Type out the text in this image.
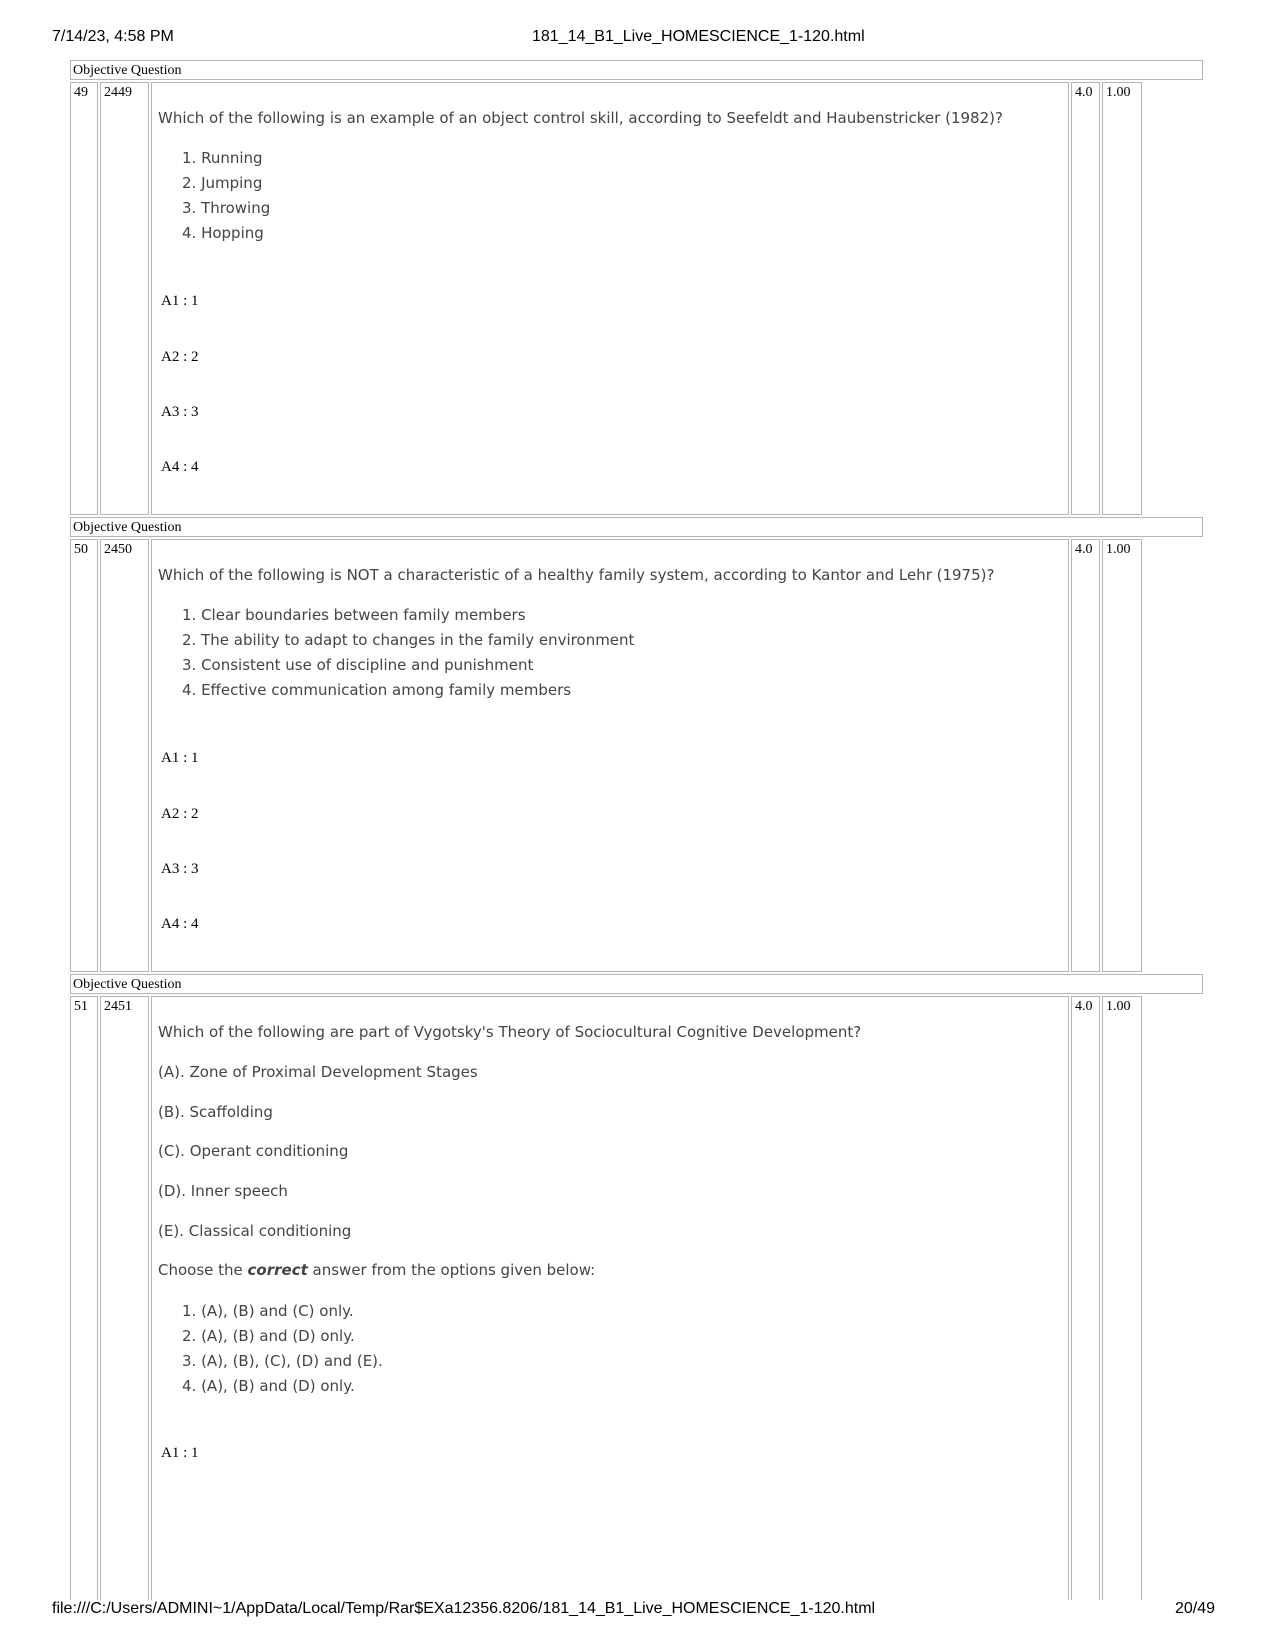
7/14/23, 4:58 PM	181_14_B1_Live_HOMESCIENCE_1-120.html
Objective Question
49	2449
Which of the following is an example of an object control skill, according to Seefeldt and Haubenstricker (1982)?
1. Running
2. Jumping
3. Throwing
4. Hopping
A1 : 1
A2 : 2
A3 : 3
A4 : 4
4.0 1.00
Objective Question
50	2450
Which of the following is NOT a characteristic of a healthy family system, according to Kantor and Lehr (1975)?
1. Clear boundaries between family members
2. The ability to adapt to changes in the family environment
3. Consistent use of discipline and punishment
4. Effective communication among family members
A1 : 1
A2 : 2
A3 : 3
A4 : 4
4.0 1.00
Objective Question
51	2451
Which of the following are part of Vygotsky's Theory of Sociocultural Cognitive Development?
(A). Zone of Proximal Development Stages
(B). Scaffolding
(C). Operant conditioning
(D). Inner speech
(E). Classical conditioning
Choose the correct answer from the options given below:
1. (A), (B) and (C) only.
2. (A), (B) and (D) only.
3. (A), (B), (C), (D) and (E).
4. (A), (B) and (D) only.
A1 : 1
4.0 1.00
file:///C:/Users/ADMINI~1/AppData/Local/Temp/Rar$EXa12356.8206/181_14_B1_Live_HOMESCIENCE_1-120.html	20/49
